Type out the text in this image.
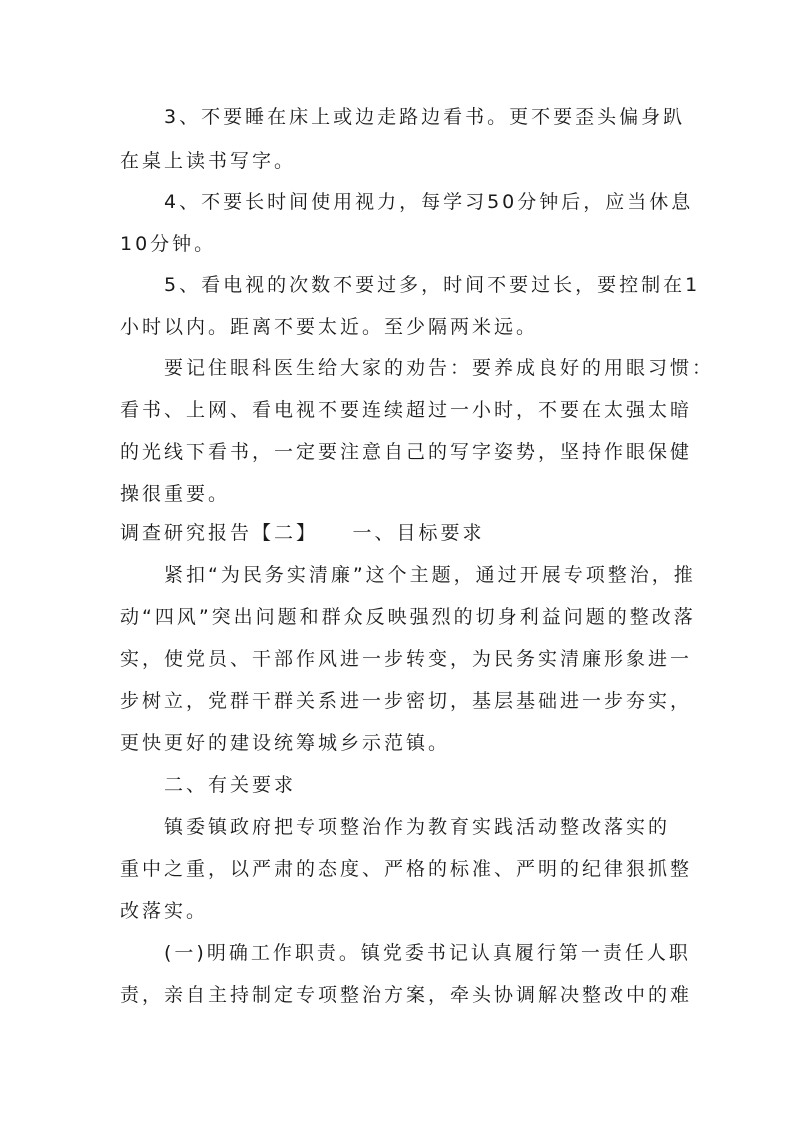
3、不要睡在床上或边走路边看书。更不要歪头偏身趴
在桌上读书写字。
4、不要长时间使用视力，每学习50分钟后，应当休息
10分钟。
5、看电视的次数不要过多，时间不要过长，要控制在1
小时以内。距离不要太近。至少隔两米远。
要记住眼科医生给大家的劝告：要养成良好的用眼习惯：
看书、上网、看电视不要连续超过一小时，不要在太强太暗
的光线下看书，一定要注意自己的写字姿势，坚持作眼保健
操很重要。
调查研究报告【二】　　一、目标要求
紧扣“为民务实清廉”这个主题，通过开展专项整治，推
动“四风”突出问题和群众反映强烈的切身利益问题的整改落
实，使党员、干部作风进一步转变，为民务实清廉形象进一
步树立，党群干群关系进一步密切，基层基础进一步夯实，
更快更好的建设统筹城乡示范镇。
二、有关要求
镇委镇政府把专项整治作为教育实践活动整改落实的
重中之重，以严肃的态度、严格的标准、严明的纪律狠抓整
改落实。
(一)明确工作职责。镇党委书记认真履行第一责任人职
责，亲自主持制定专项整治方案，牵头协调解决整改中的难
